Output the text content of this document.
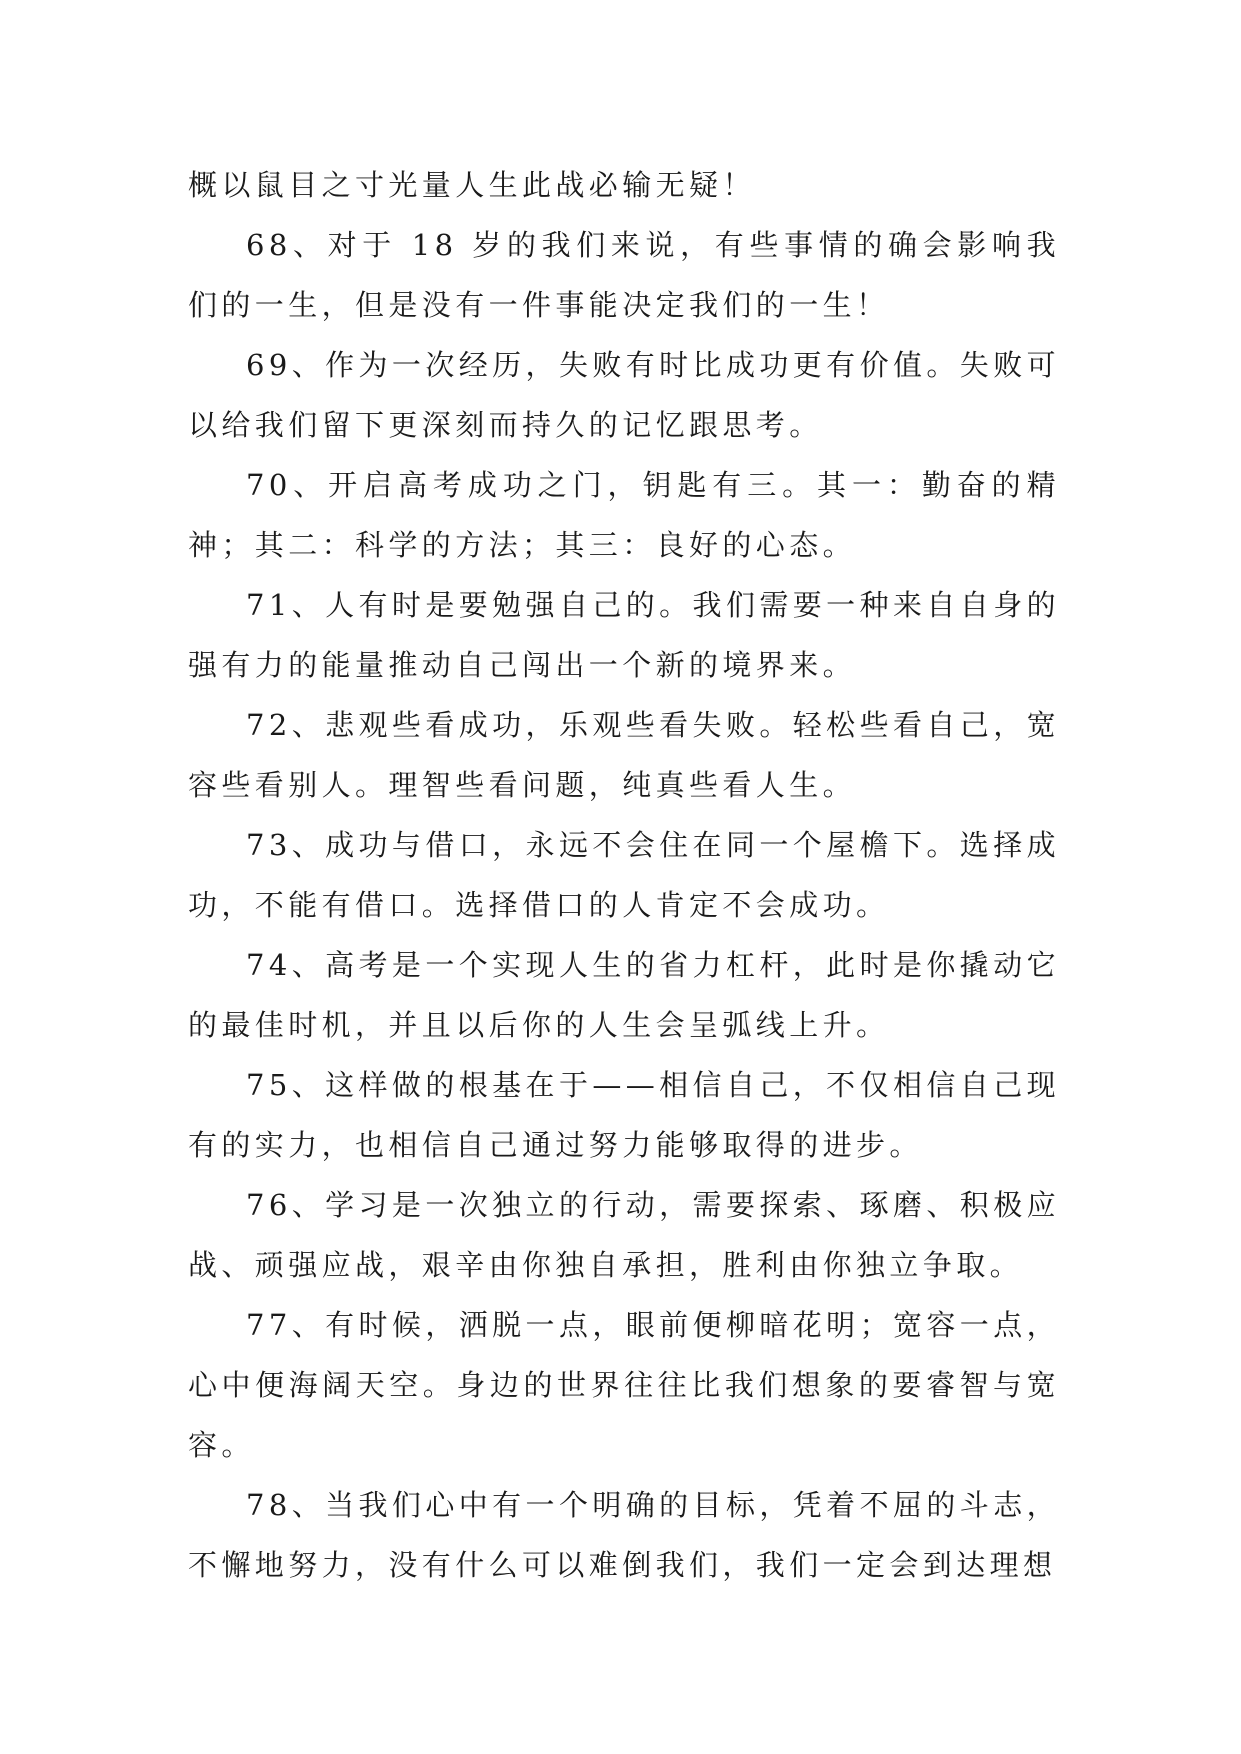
概以鼠目之寸光量人生此战必输无疑！

68、对于 18 岁的我们来说，有些事情的确会影响我们的一生，但是没有一件事能决定我们的一生！

69、作为一次经历，失败有时比成功更有价值。失败可以给我们留下更深刻而持久的记忆跟思考。

70、开启高考成功之门，钥匙有三。其一：勤奋的精神；其二：科学的方法；其三：良好的心态。

71、人有时是要勉强自己的。我们需要一种来自自身的强有力的能量推动自己闯出一个新的境界来。

72、悲观些看成功，乐观些看失败。轻松些看自己，宽容些看别人。理智些看问题，纯真些看人生。

73、成功与借口，永远不会住在同一个屋檐下。选择成功，不能有借口。选择借口的人肯定不会成功。

74、高考是一个实现人生的省力杠杆，此时是你撬动它的最佳时机，并且以后你的人生会呈弧线上升。

75、这样做的根基在于——相信自己，不仅相信自己现有的实力，也相信自己通过努力能够取得的进步。

76、学习是一次独立的行动，需要探索、琢磨、积极应战、顽强应战，艰辛由你独自承担，胜利由你独立争取。

77、有时候，洒脱一点，眼前便柳暗花明；宽容一点，心中便海阔天空。身边的世界往往比我们想象的要睿智与宽容。

78、当我们心中有一个明确的目标，凭着不屈的斗志，不懈地努力，没有什么可以难倒我们，我们一定会到达理想
